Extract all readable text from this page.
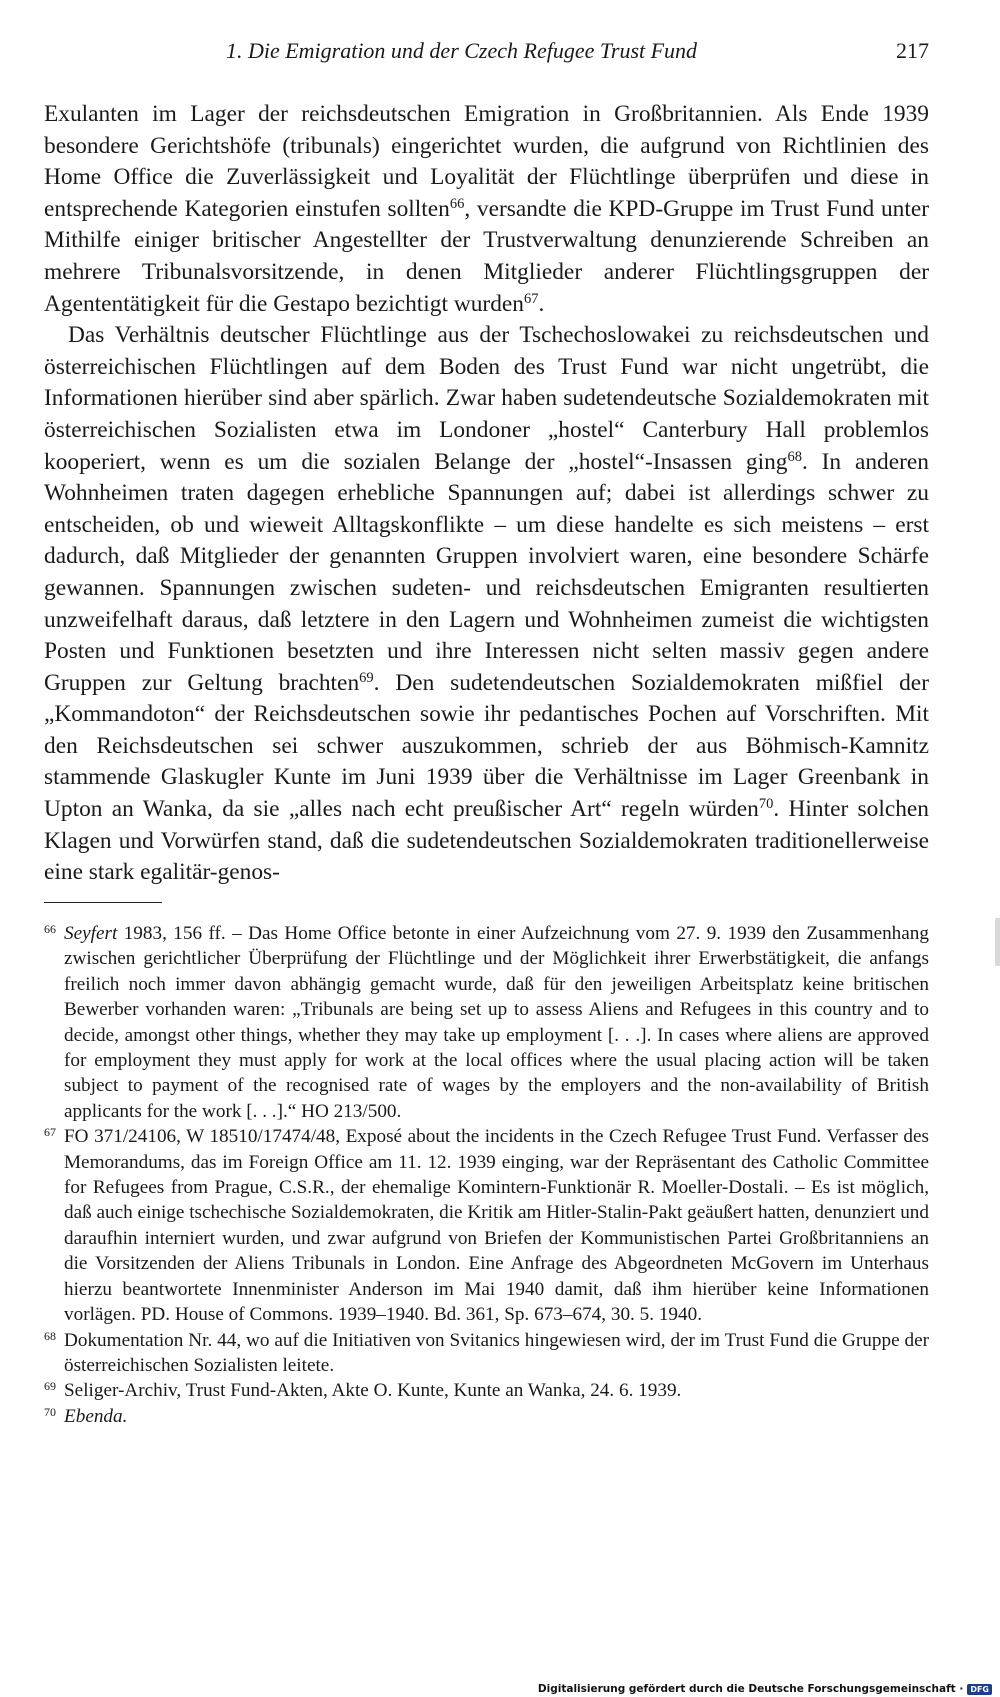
1. Die Emigration und der Czech Refugee Trust Fund	217

Exulanten im Lager der reichsdeutschen Emigration in Großbritannien. Als Ende 1939 besondere Gerichtshöfe (tribunals) eingerichtet wurden, die aufgrund von Richtlinien des Home Office die Zuverlässigkeit und Loyalität der Flüchtlinge überprüfen und diese in entsprechende Kategorien einstufen sollten$^{66}$, versandte die KPD-Gruppe im Trust Fund unter Mithilfe einiger britischer Angestellter der Trustverwaltung denunzierende Schreiben an mehrere Tribunalsvorsitzende, in denen Mitglieder anderer Flüchtlingsgruppen der Agententätigkeit für die Gestapo bezichtigt wurden$^{67}$.

Das Verhältnis deutscher Flüchtlinge aus der Tschechoslowakei zu reichsdeutschen und österreichischen Flüchtlingen auf dem Boden des Trust Fund war nicht ungetrübt, die Informationen hierüber sind aber spärlich. Zwar haben sudetendeutsche Sozialdemokraten mit österreichischen Sozialisten etwa im Londoner „hostel“ Canterbury Hall problemlos kooperiert, wenn es um die sozialen Belange der „hostel“-Insassen ging$^{68}$. In anderen Wohnheimen traten dagegen erhebliche Spannungen auf; dabei ist allerdings schwer zu entscheiden, ob und wieweit Alltagskonflikte – um diese handelte es sich meistens – erst dadurch, daß Mitglieder der genannten Gruppen involviert waren, eine besondere Schärfe gewannen. Spannungen zwischen sudeten- und reichsdeutschen Emigranten resultierten unzweifelhaft daraus, daß letztere in den Lagern und Wohnheimen zumeist die wichtigsten Posten und Funktionen besetzten und ihre Interessen nicht selten massiv gegen andere Gruppen zur Geltung brachten$^{69}$. Den sudetendeutschen Sozialdemokraten mißfiel der „Kommandoton“ der Reichsdeutschen sowie ihr pedantisches Pochen auf Vorschriften. Mit den Reichsdeutschen sei schwer auszukommen, schrieb der aus Böhmisch-Kamnitz stammende Glaskugler Kunte im Juni 1939 über die Verhältnisse im Lager Greenbank in Upton an Wanka, da sie „alles nach echt preußischer Art“ regeln würden$^{70}$. Hinter solchen Klagen und Vorwürfen stand, daß die sudetendeutschen Sozialdemokraten traditionellerweise eine stark egalitär-genos-

66 Seyfert 1983, 156 ff. – Das Home Office betonte in einer Aufzeichnung vom 27. 9. 1939 den Zusammenhang zwischen gerichtlicher Überprüfung der Flüchtlinge und der Möglichkeit ihrer Erwerbstätigkeit, die anfangs freilich noch immer davon abhängig gemacht wurde, daß für den jeweiligen Arbeitsplatz keine britischen Bewerber vorhanden waren: „Tribunals are being set up to assess Aliens and Refugees in this country and to decide, amongst other things, whether they may take up employment [. . .]. In cases where aliens are approved for employment they must apply for work at the local offices where the usual placing action will be taken subject to payment of the recognised rate of wages by the employers and the non-availability of British applicants for the work [. . .].“ HO 213/500.

67 FO 371/24106, W 18510/17474/48, Exposé about the incidents in the Czech Refugee Trust Fund. Verfasser des Memorandums, das im Foreign Office am 11. 12. 1939 einging, war der Repräsentant des Catholic Committee for Refugees from Prague, C.S.R., der ehemalige Komintern-Funktionär R. Moeller-Dostali. – Es ist möglich, daß auch einige tschechische Sozialdemokraten, die Kritik am Hitler-Stalin-Pakt geäußert hatten, denunziert und daraufhin interniert wurden, und zwar aufgrund von Briefen der Kommunistischen Partei Großbritanniens an die Vorsitzenden der Aliens Tribunals in London. Eine Anfrage des Abgeordneten McGovern im Unterhaus hierzu beantwortete Innenminister Anderson im Mai 1940 damit, daß ihm hierüber keine Informationen vorlägen. PD. House of Commons. 1939–1940. Bd. 361, Sp. 673–674, 30. 5. 1940.

68 Dokumentation Nr. 44, wo auf die Initiativen von Svitanics hingewiesen wird, der im Trust Fund die Gruppe der österreichischen Sozialisten leitete.

69 Seliger-Archiv, Trust Fund-Akten, Akte O. Kunte, Kunte an Wanka, 24. 6. 1939.

70 Ebenda.

Digitalisierung gefördert durch die Deutsche Forschungsgemeinschaft · DFG
